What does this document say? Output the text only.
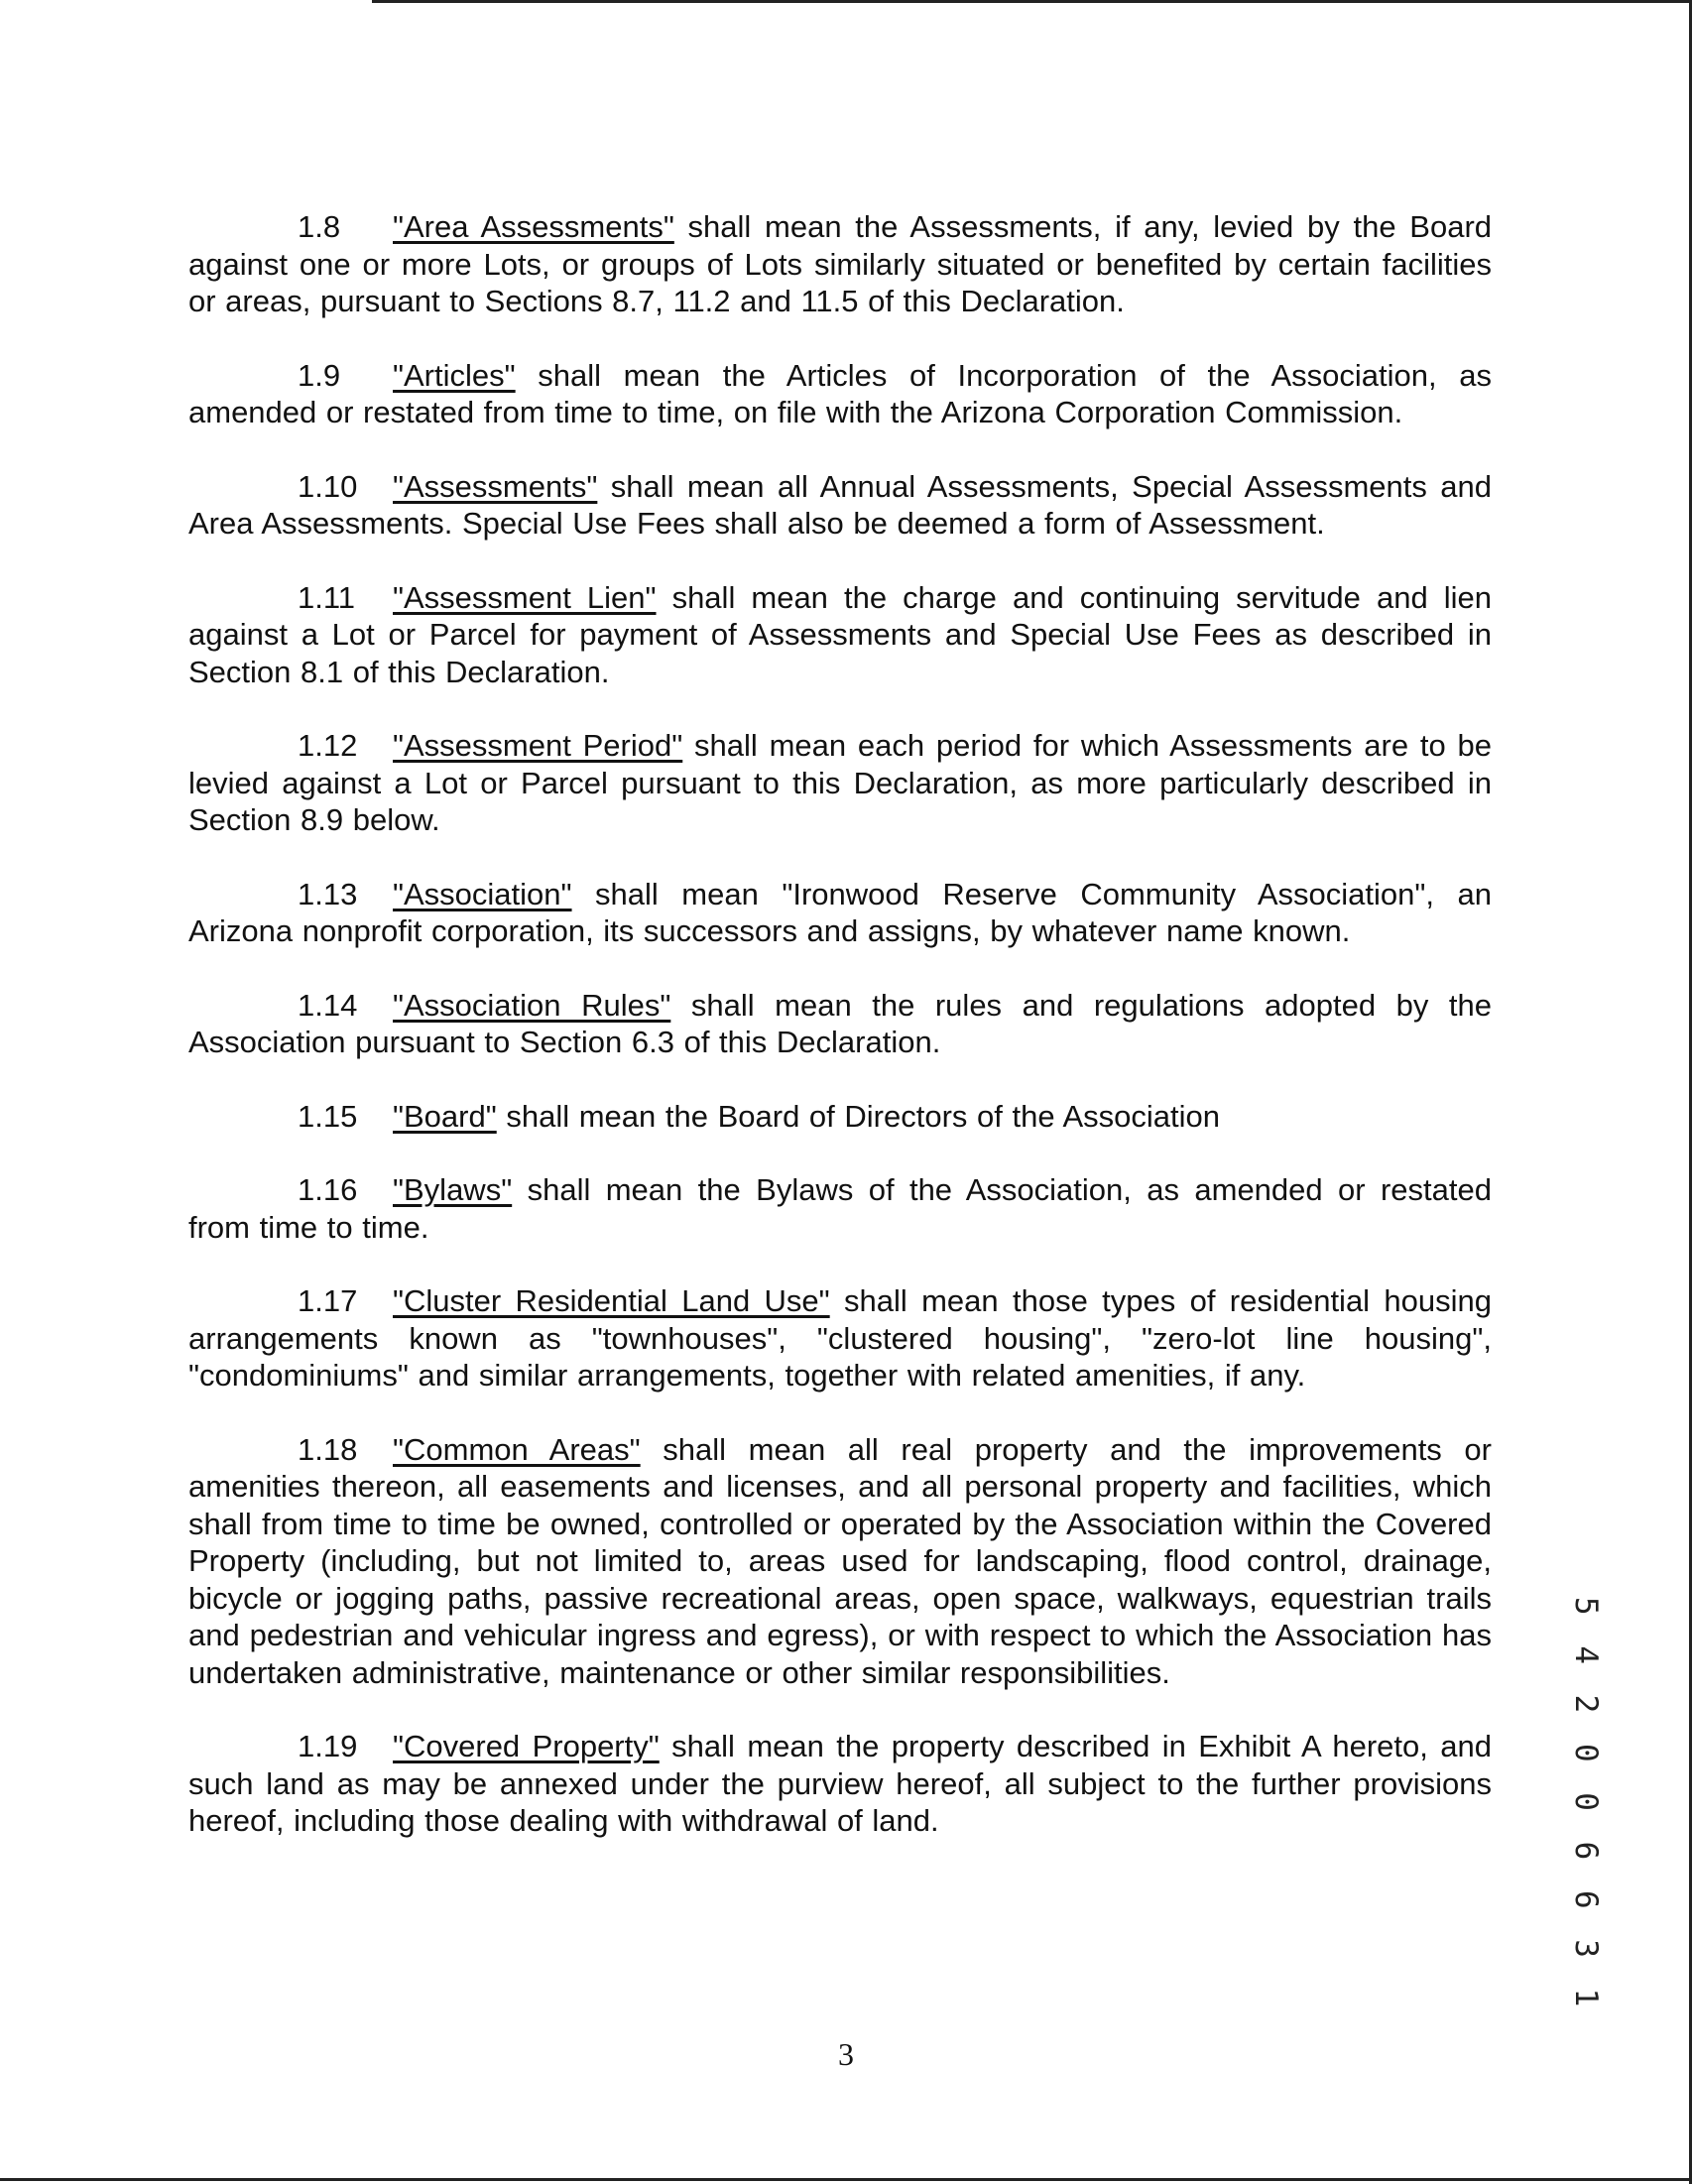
1.8 "Area Assessments" shall mean the Assessments, if any, levied by the Board against one or more Lots, or groups of Lots similarly situated or benefited by certain facilities or areas, pursuant to Sections 8.7, 11.2 and 11.5 of this Declaration.

1.9 "Articles" shall mean the Articles of Incorporation of the Association, as amended or restated from time to time, on file with the Arizona Corporation Commission.

1.10 "Assessments" shall mean all Annual Assessments, Special Assessments and Area Assessments. Special Use Fees shall also be deemed a form of Assessment.

1.11 "Assessment Lien" shall mean the charge and continuing servitude and lien against a Lot or Parcel for payment of Assessments and Special Use Fees as described in Section 8.1 of this Declaration.

1.12 "Assessment Period" shall mean each period for which Assessments are to be levied against a Lot or Parcel pursuant to this Declaration, as more particularly described in Section 8.9 below.

1.13 "Association" shall mean "Ironwood Reserve Community Association", an Arizona nonprofit corporation, its successors and assigns, by whatever name known.

1.14 "Association Rules" shall mean the rules and regulations adopted by the Association pursuant to Section 6.3 of this Declaration.

1.15 "Board" shall mean the Board of Directors of the Association

1.16 "Bylaws" shall mean the Bylaws of the Association, as amended or restated from time to time.

1.17 "Cluster Residential Land Use" shall mean those types of residential housing arrangements known as "townhouses", "clustered housing", "zero-lot line housing", "condominiums" and similar arrangements, together with related amenities, if any.

1.18 "Common Areas" shall mean all real property and the improvements or amenities thereon, all easements and licenses, and all personal property and facilities, which shall from time to time be owned, controlled or operated by the Association within the Covered Property (including, but not limited to, areas used for landscaping, flood control, drainage, bicycle or jogging paths, passive recreational areas, open space, walkways, equestrian trails and pedestrian and vehicular ingress and egress), or with respect to which the Association has undertaken administrative, maintenance or other similar responsibilities.

1.19 "Covered Property" shall mean the property described in Exhibit A hereto, and such land as may be annexed under the purview hereof, all subject to the further provisions hereof, including those dealing with withdrawal of land.

3
5 4 2 0 0 6 6 3 1
